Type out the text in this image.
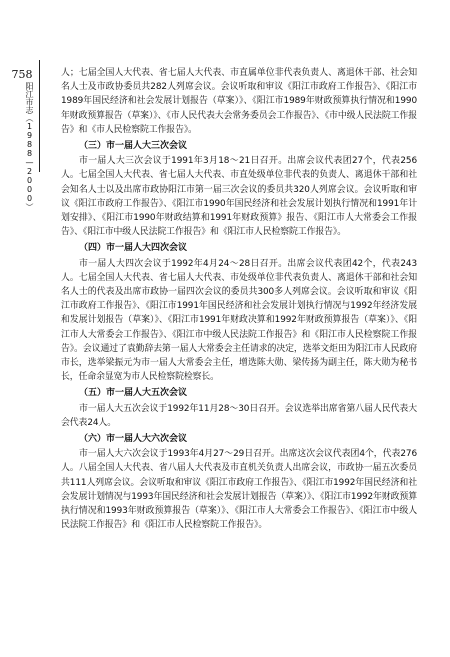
758
阳江市志（1988—2000）

人；七届全国人大代表、省七届人大代表、市直属单位非代表负责人、离退休干部、社会知名人士及市政协委员共282人列席会议。会议听取和审议《阳江市政府工作报告》、《阳江市1989年国民经济和社会发展计划报告（草案）》、《阳江市1989年财政预算执行情况和1990年财政预算报告（草案）》、《市人民代表大会常务委员会工作报告》、《市中级人民法院工作报告》和《市人民检察院工作报告》。

（三）市一届人大三次会议

市一届人大三次会议于1991年3月18～21日召开。出席会议代表团27个，代表256人。七届全国人大代表、省七届人大代表、市直处级单位非代表的负责人、离退休干部和社会知名人士以及出席市政协阳江市第一届三次会议的委员共320人列席会议。会议听取和审议《阳江市政府工作报告》、《阳江市1990年国民经济和社会发展计划执行情况和1991年计划安排》、《阳江市1990年财政结算和1991年财政预算》报告、《阳江市人大常委会工作报告》、《阳江市中级人民法院工作报告》和《阳江市人民检察院工作报告》。

（四）市一届人大四次会议

市一届人大四次会议于1992年4月24～28日召开。出席会议代表团42个，代表243人。七届全国人大代表、省七届人大代表、市处级单位非代表负责人、离退休干部和社会知名人士的代表及出席市政协一届四次会议的委员共300多人列席会议。会议听取和审议《阳江市政府工作报告》、《阳江市1991年国民经济和社会发展计划执行情况与1992年经济发展和发展计划报告（草案）》、《阳江市1991年财政决算和1992年财政预算报告（草案）》、《阳江市人大常委会工作报告》、《阳江市中级人民法院工作报告》和《阳江市人民检察院工作报告》。会议通过了袁勤辞去第一届人大常委会主任请求的决定，选举文炬田为阳江市人民政府市长，选举梁振元为市一届人大常委会主任，增选陈大勋、梁传扬为副主任，陈大勋为秘书长，任命余显宽为市人民检察院检察长。

（五）市一届人大五次会议

市一届人大五次会议于1992年11月28～30日召开。会议选举出席省第八届人民代表大会代表24人。

（六）市一届人大六次会议

市一届人大六次会议于1993年4月27～29日召开。出席这次会议代表团4个，代表276人。八届全国人大代表、省八届人大代表及市直机关负责人出席会议，市政协一届五次委员共111人列席会议。会议听取和审议《阳江市政府工作报告》、《阳江市1992年国民经济和社会发展计划情况与1993年国民经济和社会发展计划报告（草案）》、《阳江市1992年财政预算执行情况和1993年财政预算报告（草案）》、《阳江市人大常委会工作报告》、《阳江市中级人民法院工作报告》和《阳江市人民检察院工作报告》。
